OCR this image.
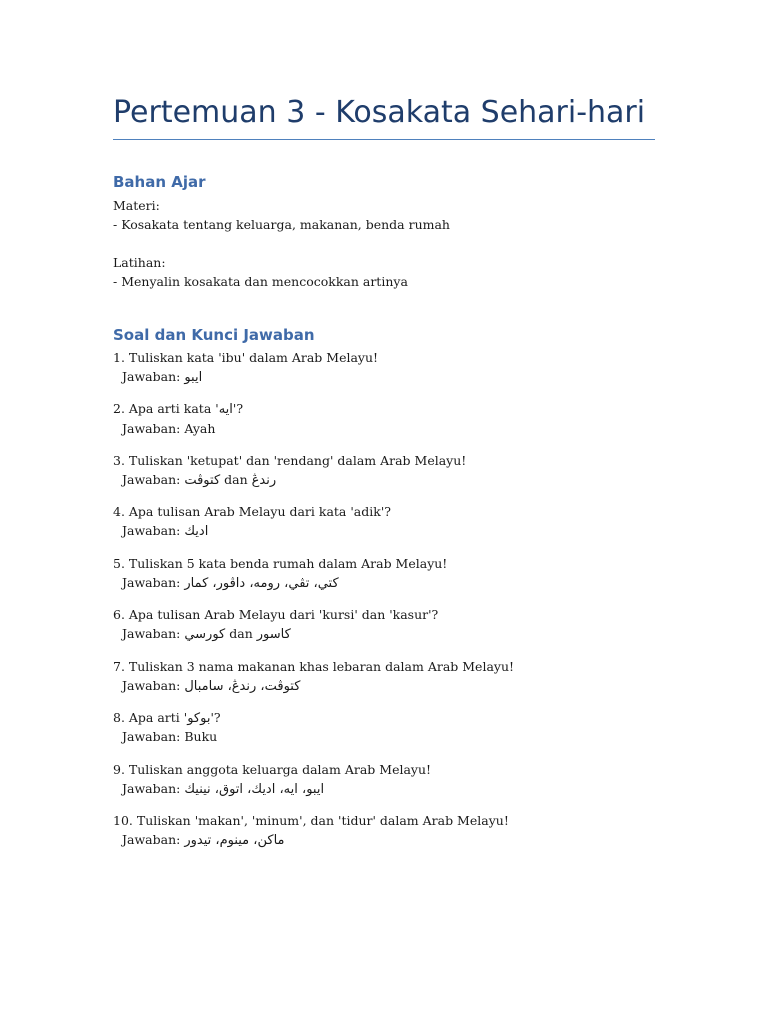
Pertemuan 3 - Kosakata Sehari-hari
Bahan Ajar
Materi:
- Kosakata tentang keluarga, makanan, benda rumah
Latihan:
- Menyalin kosakata dan mencocokkan artinya
Soal dan Kunci Jawaban
1. Tuliskan kata 'ibu' dalam Arab Melayu!
Jawaban: ايبو
2. Apa arti kata 'ايه'?
Jawaban: Ayah
3. Tuliskan 'ketupat' dan 'rendang' dalam Arab Melayu!
Jawaban: کتوڤت dan رندڠ
4. Apa tulisan Arab Melayu dari kata 'adik'?
Jawaban: اديك
5. Tuliskan 5 kata benda rumah dalam Arab Melayu!
Jawaban: کتي، تڤي، رومه، داڤور، کمار
6. Apa tulisan Arab Melayu dari 'kursi' dan 'kasur'?
Jawaban: کورسي dan کاسور
7. Tuliskan 3 nama makanan khas lebaran dalam Arab Melayu!
Jawaban: کتوڤت، رندڠ، سامبال
8. Apa arti 'بوکو'?
Jawaban: Buku
9. Tuliskan anggota keluarga dalam Arab Melayu!
Jawaban: ايبو، ايه، اديك، اتوق، نينيك
10. Tuliskan 'makan', 'minum', dan 'tidur' dalam Arab Melayu!
Jawaban: ماکن، مينوم، تيدور
